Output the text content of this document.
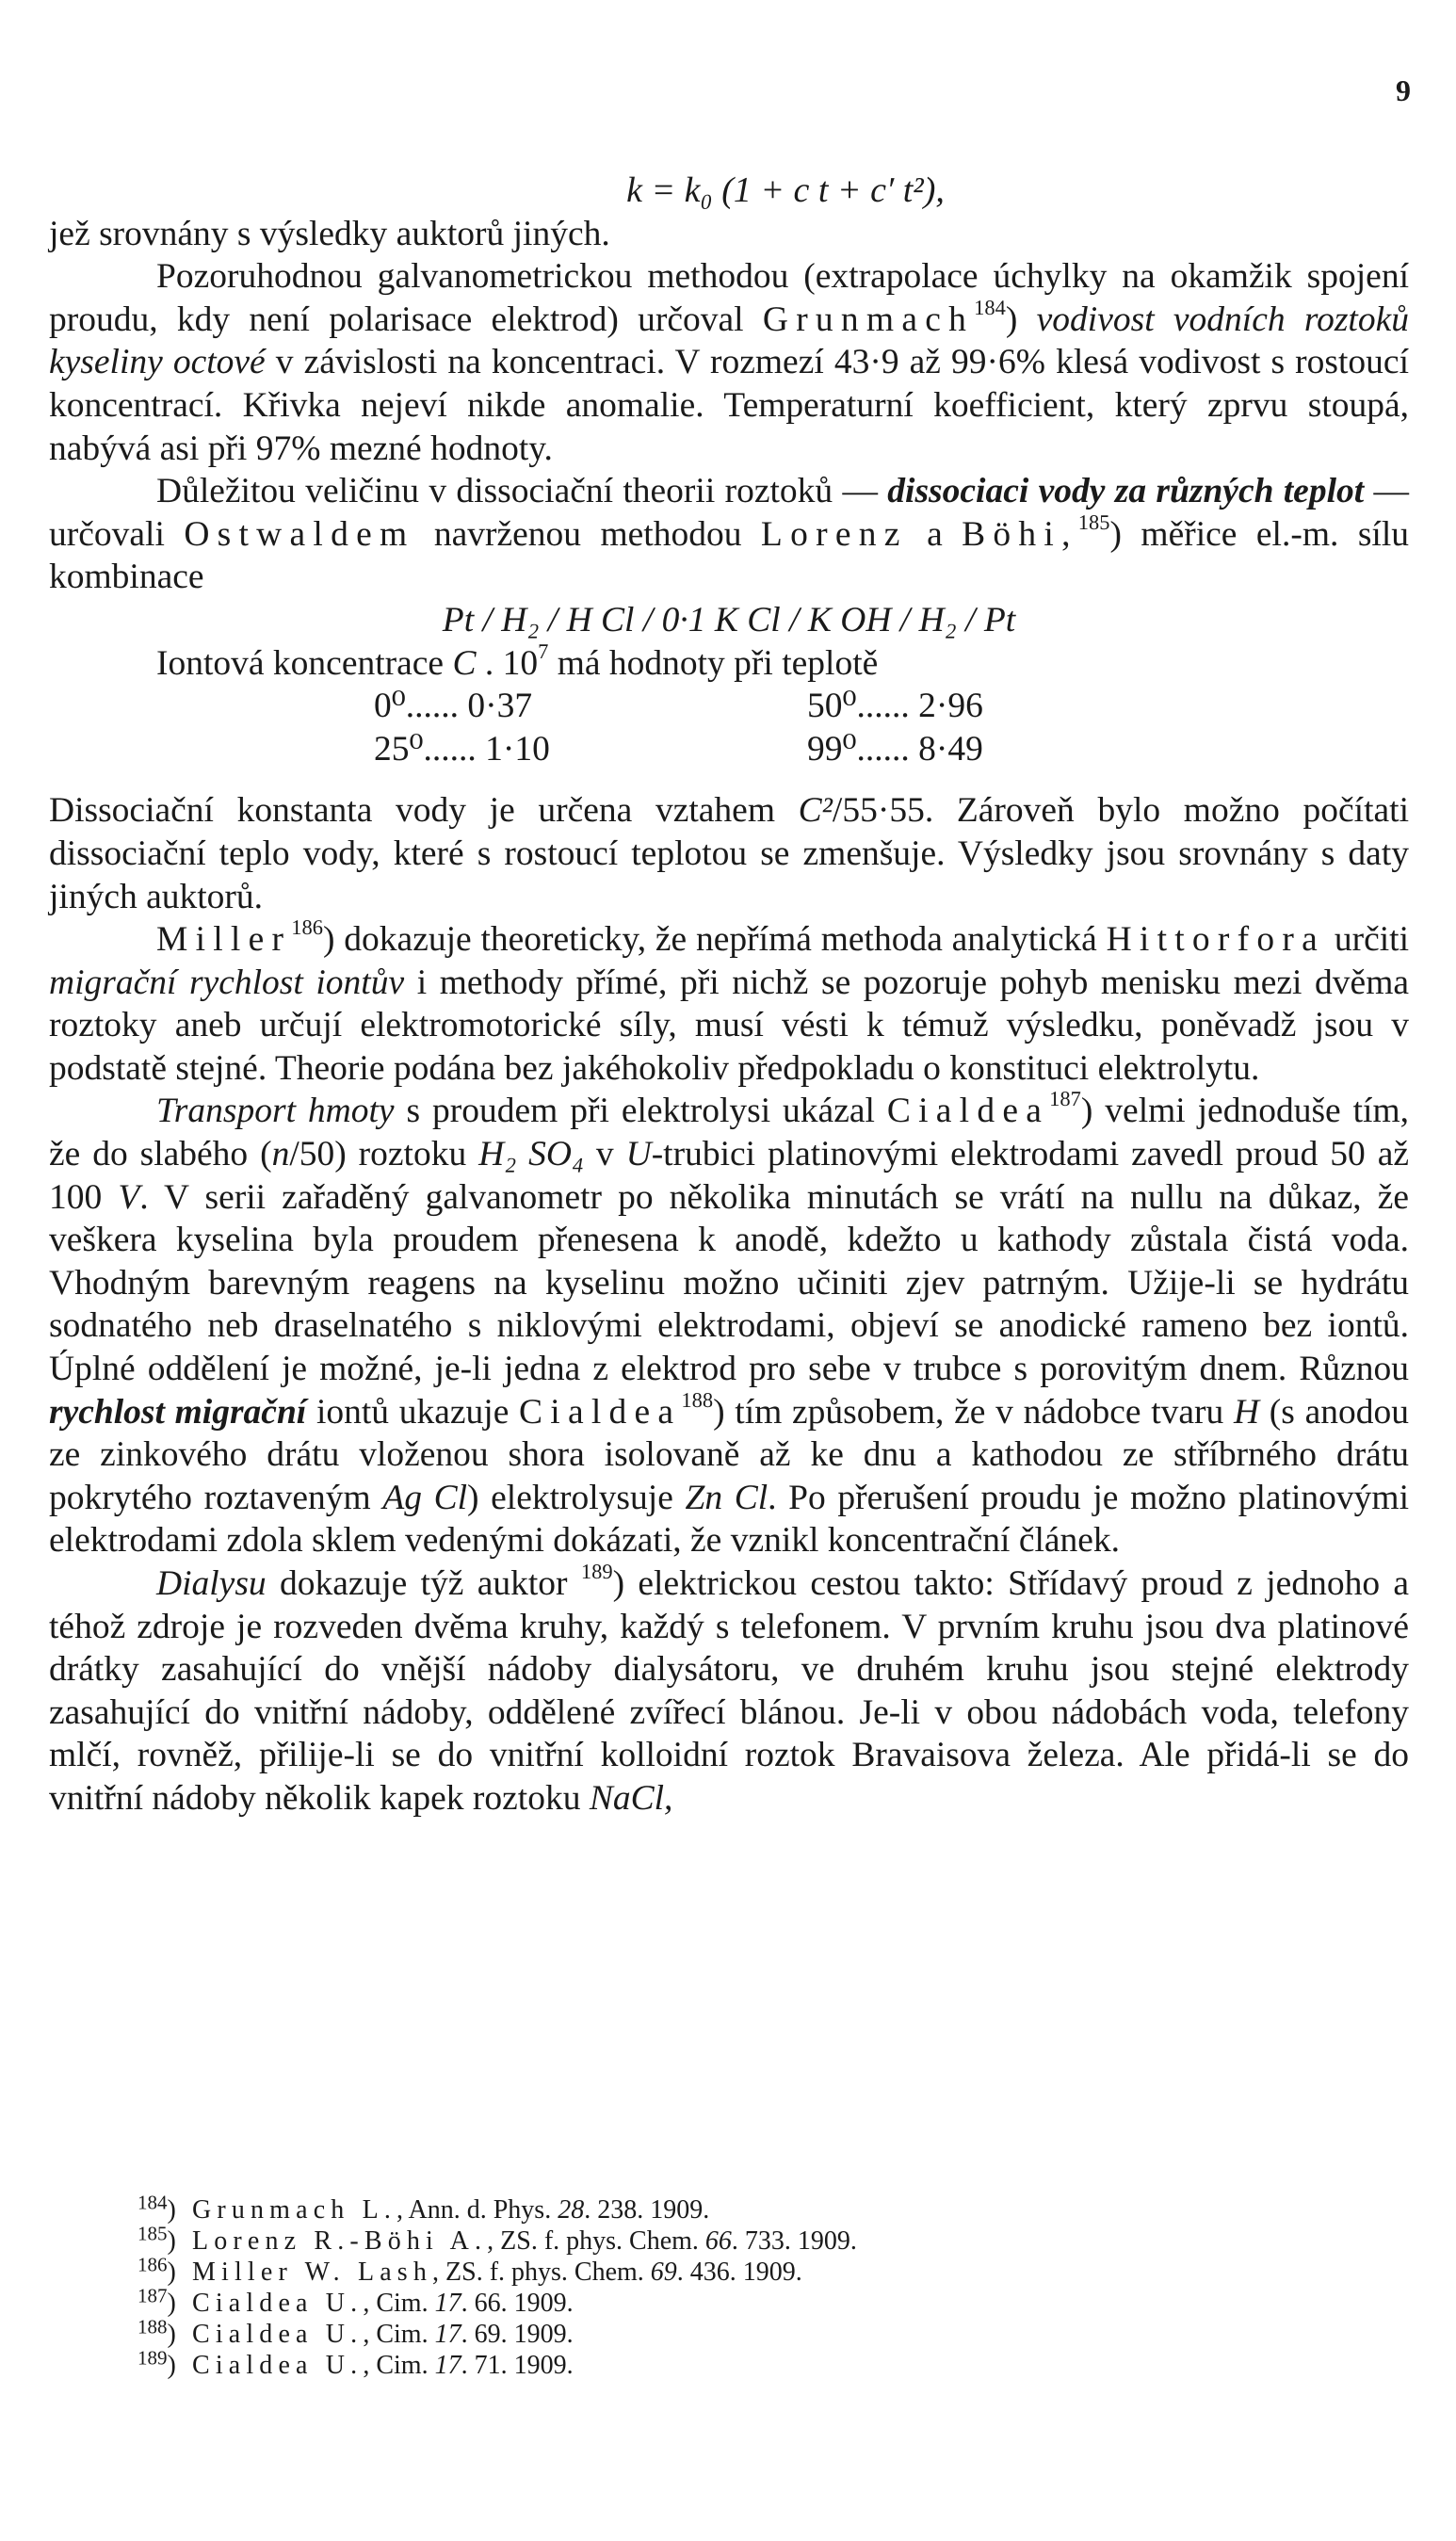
9

k = k₀ (1 + c t + c′ t²),

jež srovnány s výsledky auktorů jiných.

Pozoruhodnou galvanometrickou methodou (extrapolace úchylky na okamžik spojení proudu, kdy není polarisace elektrod) určoval Grunmach$^{184}$) vodivost vodních roztoků kyseliny octové v závislosti na koncentraci. V rozmezí 43·9 až 99·6% klesá vodivost s rostoucí koncentrací. Křivka nejeví nikde anomalie. Temperaturní koefficient, který zprvu stoupá, nabývá asi při 97% mezné hodnoty.

Důležitou veličinu v dissociační theorii roztoků — dissociaci vody za různých teplot — určovali Ostwaldem navrženou methodou Lorenz a Böhi,$^{185}$) měřice el.-m. sílu kombinace

Pt / H₂ / H Cl / 0·1 K Cl / K OH / H₂ / Pt

Iontová koncentrace C . $10^7$ má hodnoty při teplotě

0⁰...... 0·37	50⁰...... 2·96
25⁰...... 1·10	99⁰...... 8·49

Dissociační konstanta vody je určena vztahem C²/55·55. Zároveň bylo možno počítati dissociační teplo vody, které s rostoucí teplotou se zmenšuje. Výsledky jsou srovnány s daty jiných auktorů.

Miller$^{186}$) dokazuje theoreticky, že nepřímá methoda analytická Hittorfora určiti migrační rychlost iontův i methody přímé, při nichž se pozoruje pohyb menisku mezi dvěma roztoky aneb určují elektromotorické síly, musí vésti k témuž výsledku, poněvadž jsou v podstatě stejné. Theorie podána bez jakéhokoliv předpokladu o konstituci elektrolytu.

Transport hmoty s proudem při elektrolysi ukázal Cialdea$^{187}$) velmi jednoduše tím, že do slabého (n/50) roztoku H₂ SO₄ v U-trubici platinovými elektrodami zavedl proud 50 až 100 V. V serii zařaděný galvanometr po několika minutách se vrátí na nullu na důkaz, že veškera kyselina byla proudem přenesena k anodě, kdežto u kathody zůstala čistá voda. Vhodným barevným reagens na kyselinu možno učiniti zjev patrným. Užije-li se hydrátu sodnatého neb draselnatého s niklovými elektrodami, objeví se anodické rameno bez iontů. Úplné oddělení je možné, je-li jedna z elektrod pro sebe v trubce s porovitým dnem. Různou rychlost migrační iontů ukazuje Cialdea$^{188}$) tím způsobem, že v nádobce tvaru H (s anodou ze zinkového drátu vloženou shora isolovaně až ke dnu a kathodou ze stříbrného drátu pokrytého roztaveným Ag Cl) elektrolysuje Zn Cl. Po přerušení proudu je možno platinovými elektrodami zdola sklem vedenými dokázati, že vznikl koncentrační článek.

Dialysu dokazuje týž auktor $^{189}$) elektrickou cestou takto: Střídavý proud z jednoho a téhož zdroje je rozveden dvěma kruhy, každý s telefonem. V prvním kruhu jsou dva platinové drátky zasahující do vnější nádoby dialysátoru, ve druhém kruhu jsou stejné elektrody zasahující do vnitřní nádoby, oddělené zvířecí blánou. Je-li v obou nádobách voda, telefony mlčí, rovněž, přilije-li se do vnitřní kolloidní roztok Bravaisova železa. Ale přidá-li se do vnitřní nádoby několik kapek roztoku NaCl,

$^{184}$) Grunmach L., Ann. d. Phys. 28. 238. 1909.

$^{185}$) Lorenz R.-Böhi A., ZS. f. phys. Chem. 66. 733. 1909.

$^{186}$) Miller W. Lash, ZS. f. phys. Chem. 69. 436. 1909.

$^{187}$) Cialdea U., Cim. 17. 66. 1909.

$^{188}$) Cialdea U., Cim. 17. 69. 1909.

$^{189}$) Cialdea U., Cim. 17. 71. 1909.
